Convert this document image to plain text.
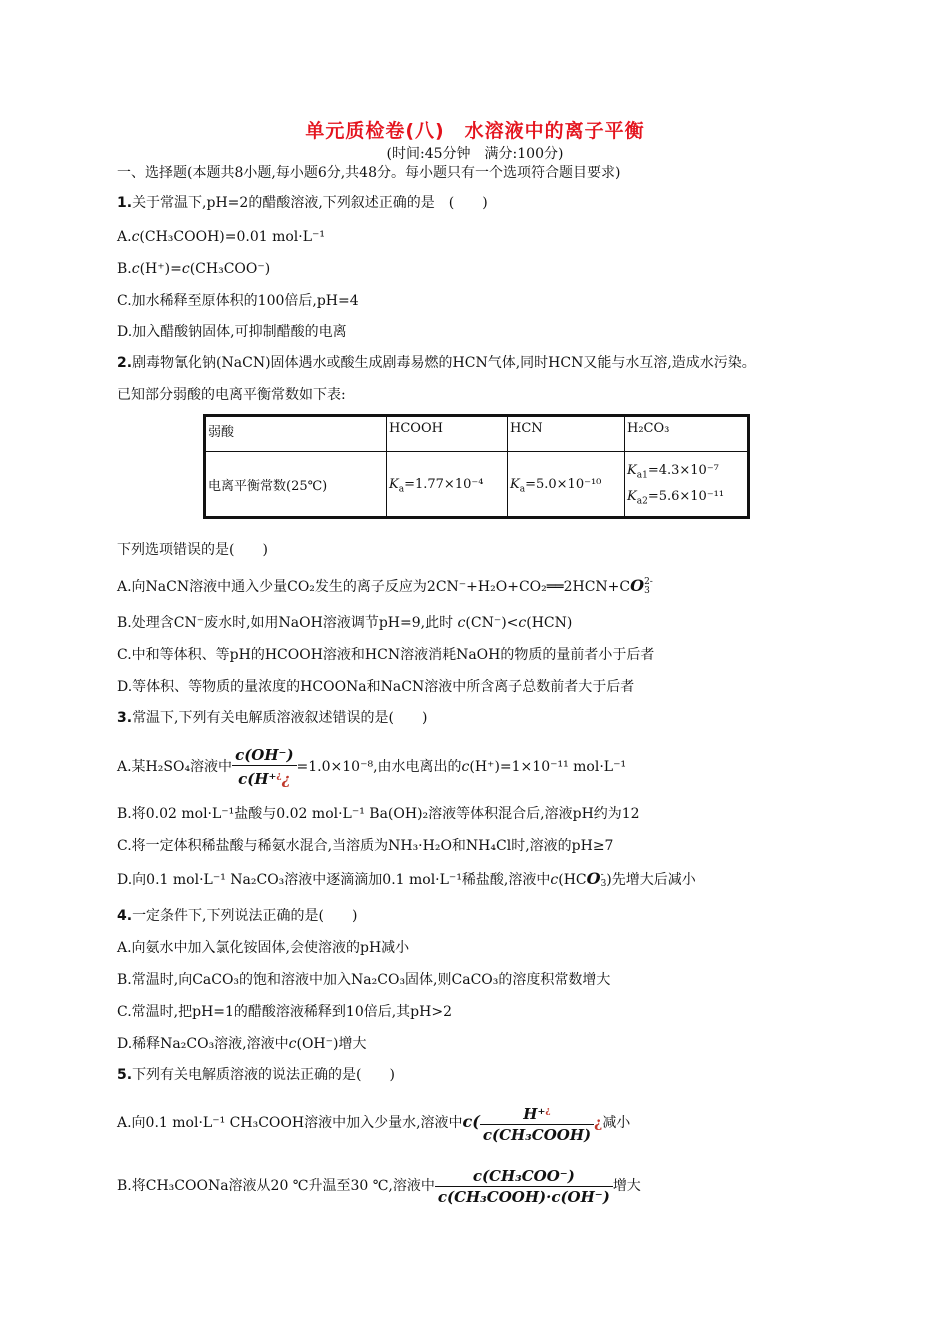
单元质检卷(八)　水溶液中的离子平衡
(时间:45分钟　满分:100分)
一、选择题(本题共8小题,每小题6分,共48分。每小题只有一个选项符合题目要求)
1.关于常温下,pH=2的醋酸溶液,下列叙述正确的是　(　　)
A.c(CH₃COOH)=0.01 mol·L⁻¹
B.c(H⁺)=c(CH₃COO⁻)
C.加水稀释至原体积的100倍后,pH=4
D.加入醋酸钠固体,可抑制醋酸的电离
2.剧毒物氰化钠(NaCN)固体遇水或酸生成剧毒易燃的HCN气体,同时HCN又能与水互溶,造成水污染。
已知部分弱酸的电离平衡常数如下表:
弱酸	HCOOH	HCN	H₂CO₃
电离平衡常数(25℃)	$K_a=1.77\times 10^{-4}$	$K_a=5.0\times 10^{-10}$	$K_{a1}=4.3\times 10^{-7}$
$K_{a2}=5.6\times 10^{-11}$
下列选项错误的是(　　)
A.向NaCN溶液中通入少量CO₂发生的离子反应为2CN⁻+H₂O+CO₂══2HCN+CO 2-
3
B.处理含CN⁻废水时,如用NaOH溶液调节pH=9,此时 c(CN⁻)<c(HCN)
C.中和等体积、等pH的HCOOH溶液和HCN溶液消耗NaOH的物质的量前者小于后者
D.等体积、等物质的量浓度的HCOONa和NaCN溶液中所含离子总数前者大于后者
3.常温下,下列有关电解质溶液叙述错误的是(　　)
A.某H₂SO₄溶液中 $\frac{c(OH^-)}{c(H^+^¿¿} =1.0\times 10^{-8}$,由水电离出的c(H⁺)=1×10⁻¹¹ mol·L⁻¹
B.将0.02 mol·L⁻¹盐酸与0.02 mol·L⁻¹ Ba(OH)₂溶液等体积混合后,溶液pH约为12
C.将一定体积稀盐酸与稀氨水混合,当溶质为NH₃·H₂O和NH₄Cl时,溶液的pH≥7
D.向0.1 mol·L⁻¹ Na₂CO₃溶液中逐滴滴加0.1 mol·L⁻¹稀盐酸,溶液中c(HCO -
3 )先增大后减小
4.一定条件下,下列说法正确的是(　　)
A.向氨水中加入氯化铵固体,会使溶液的pH减小
B.常温时,向CaCO₃的饱和溶液中加入Na₂CO₃固体,则CaCO₃的溶度积常数增大
C.常温时,把pH=1的醋酸溶液稀释到10倍后,其pH>2
D.稀释Na₂CO₃溶液,溶液中c(OH⁻)增大
5.下列有关电解质溶液的说法正确的是(　　)
A.向0.1 mol·L⁻¹ CH₃COOH溶液中加入少量水,溶液中$c( \frac{H^+^¿}{\text{c(CH₃COOH)}}$ ¿减小
B.将CH₃COONa溶液从20 ℃升温至30 ℃,溶液中 $\frac{\text{c(CH₃COO⁻)}}{\text{c(CH₃COOH)·c(OH⁻)}}$ 增大
